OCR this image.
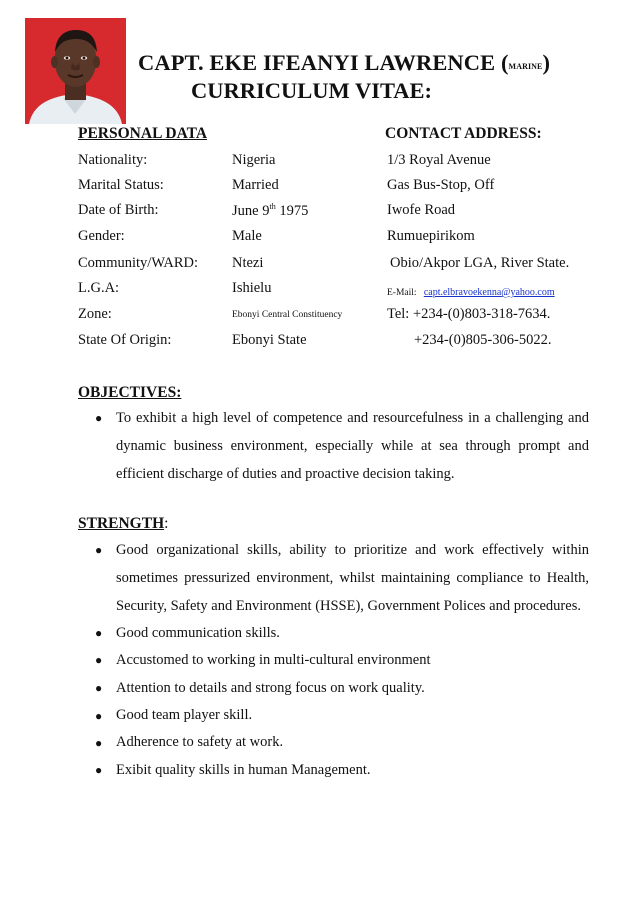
CAPT. EKE IFEANYI LAWRENCE (MARINE)
CURRICULUM VITAE:
PERSONAL DATA
Nationality:	Nigeria
Marital Status:	Married
Date of Birth:	June 9th 1975
Gender:	Male
Community/WARD: Ntezi
L.G.A:	Ishielu
Zone:	Ebonyi Central Constituency
State Of Origin:	Ebonyi State
CONTACT ADDRESS:
1/3 Royal Avenue
Gas Bus-Stop, Off
Iwofe Road
Rumuepirikom
Obio/Akpor LGA, River State.
E-Mail: capt.elbravoekenna@yahoo.com
Tel: +234-(0)803-318-7634.
+234-(0)805-306-5022.
OBJECTIVES:
● To exhibit a high level of competence and resourcefulness in a challenging and dynamic business environment, especially while at sea through prompt and efficient discharge of duties and proactive decision taking.
STRENGTH:
● Good organizational skills, ability to prioritize and work effectively within sometimes pressurized environment, whilst maintaining compliance to Health, Security, Safety and Environment (HSSE), Government Polices and procedures.
● Good communication skills.
● Accustomed to working in multi-cultural environment
● Attention to details and strong focus on work quality.
● Good team player skill.
● Adherence to safety at work.
● Exibit quality skills in human Management.
